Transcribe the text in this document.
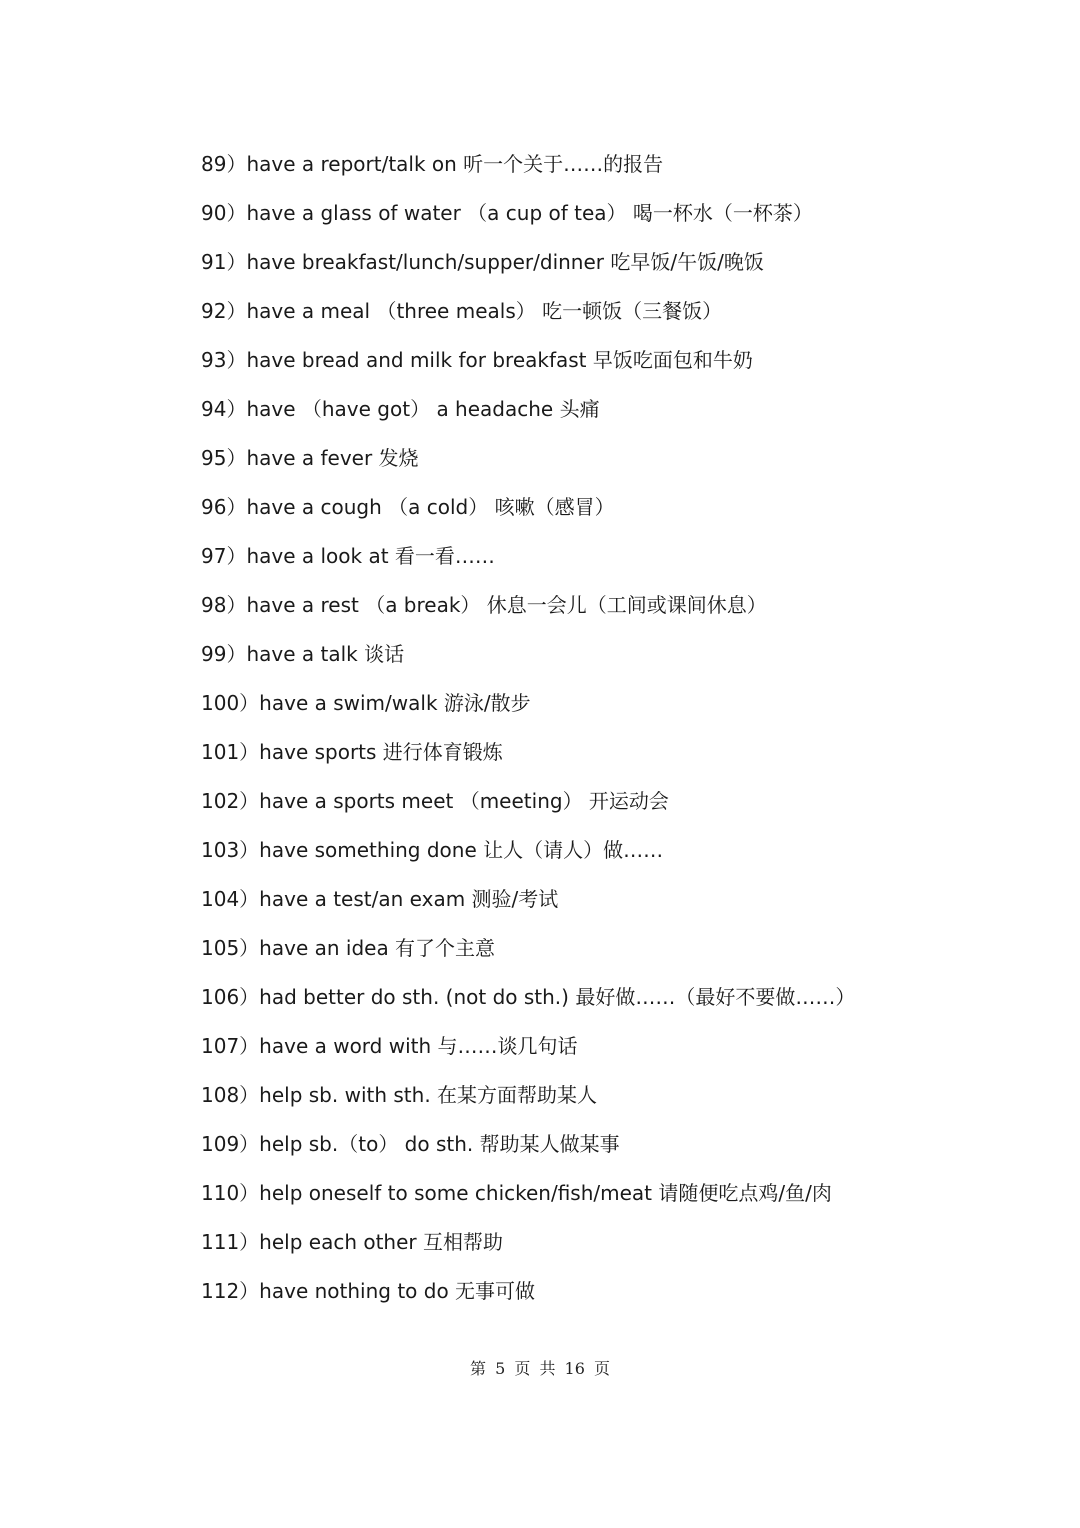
89）have a report/talk on 听一个关于……的报告
90）have a glass of water （a cup of tea） 喝一杯水（一杯茶）
91）have breakfast/lunch/supper/dinner 吃早饭/午饭/晚饭
92）have a meal （three meals） 吃一顿饭（三餐饭）
93）have bread and milk for breakfast 早饭吃面包和牛奶
94）have （have got） a headache 头痛
95）have a fever 发烧
96）have a cough （a cold） 咳嗽（感冒）
97）have a look at 看一看……
98）have a rest （a break） 休息一会儿（工间或课间休息）
99）have a talk 谈话
100）have a swim/walk 游泳/散步
101）have sports 进行体育锻炼
102）have a sports meet （meeting） 开运动会
103）have something done 让人（请人）做……
104）have a test/an exam 测验/考试
105）have an idea 有了个主意
106）had better do sth. (not do sth.) 最好做……（最好不要做……）
107）have a word with 与……谈几句话
108）help sb. with sth. 在某方面帮助某人
109）help sb.（to） do sth. 帮助某人做某事
110）help oneself to some chicken/fish/meat 请随便吃点鸡/鱼/肉
111）help each other 互相帮助
112）have nothing to do 无事可做
第 5 页 共 16 页
